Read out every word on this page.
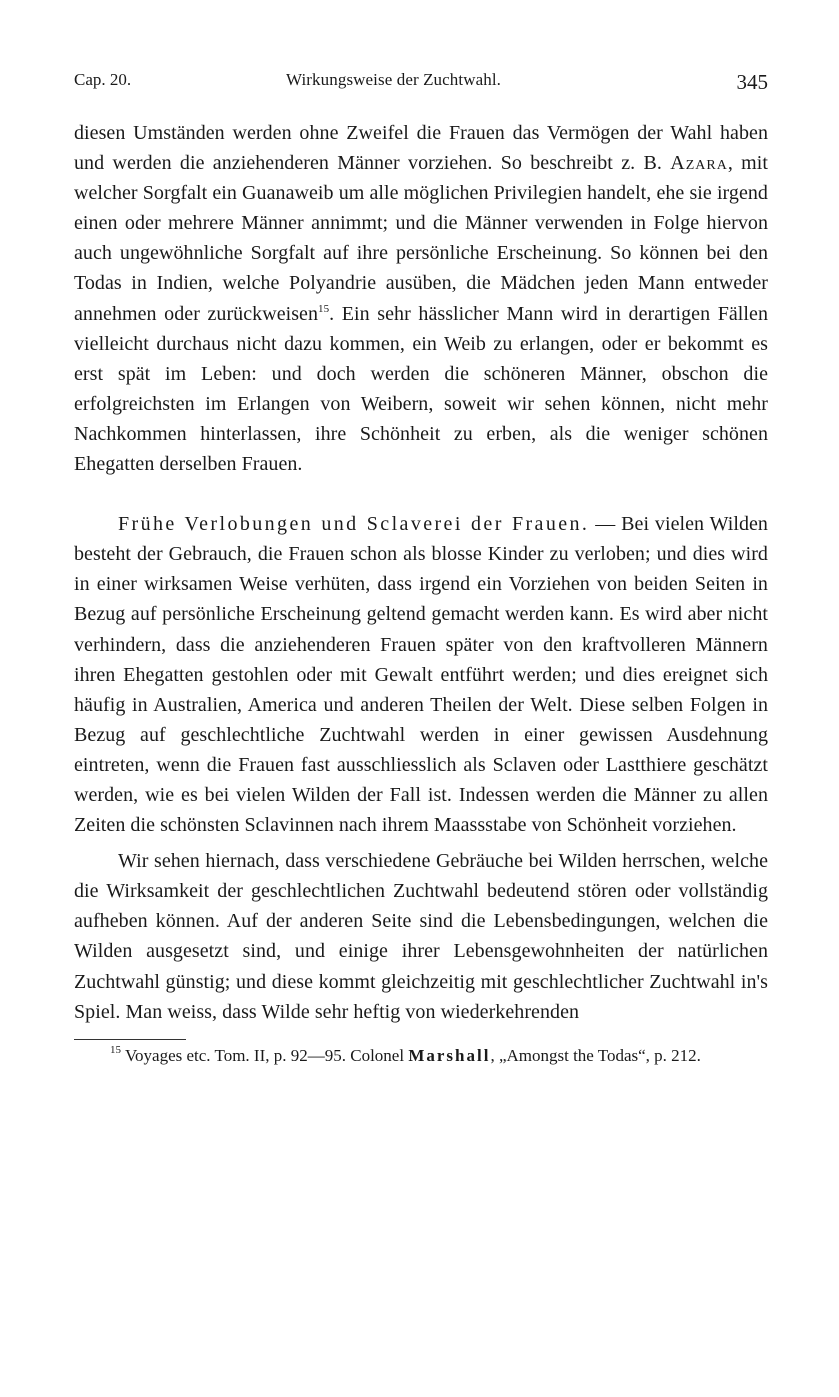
Cap. 20.	Wirkungsweise der Zuchtwahl.	345

diesen Umständen werden ohne Zweifel die Frauen das Vermögen der Wahl haben und werden die anziehenderen Männer vorziehen. So beschreibt z. B. Azara, mit welcher Sorgfalt ein Guanaweib um alle möglichen Privilegien handelt, ehe sie irgend einen oder mehrere Männer annimmt; und die Männer verwenden in Folge hiervon auch ungewöhnliche Sorgfalt auf ihre persönliche Erscheinung. So können bei den Todas in Indien, welche Polyandrie ausüben, die Mädchen jeden Mann entweder annehmen oder zurückweisen$^{15}$. Ein sehr hässlicher Mann wird in derartigen Fällen vielleicht durchaus nicht dazu kommen, ein Weib zu erlangen, oder er bekommt es erst spät im Leben: und doch werden die schöneren Männer, obschon die erfolgreichsten im Erlangen von Weibern, soweit wir sehen können, nicht mehr Nachkommen hinterlassen, ihre Schönheit zu erben, als die weniger schönen Ehegatten derselben Frauen.

Frühe Verlobungen und Sclaverei der Frauen. — Bei vielen Wilden besteht der Gebrauch, die Frauen schon als blosse Kinder zu verloben; und dies wird in einer wirksamen Weise verhüten, dass irgend ein Vorziehen von beiden Seiten in Bezug auf persönliche Erscheinung geltend gemacht werden kann. Es wird aber nicht verhindern, dass die anziehenderen Frauen später von den kraftvolleren Männern ihren Ehegatten gestohlen oder mit Gewalt entführt werden; und dies ereignet sich häufig in Australien, America und anderen Theilen der Welt. Diese selben Folgen in Bezug auf geschlechtliche Zuchtwahl werden in einer gewissen Ausdehnung eintreten, wenn die Frauen fast ausschliesslich als Sclaven oder Lastthiere geschätzt werden, wie es bei vielen Wilden der Fall ist. Indessen werden die Männer zu allen Zeiten die schönsten Sclavinnen nach ihrem Maassstabe von Schönheit vorziehen.

Wir sehen hiernach, dass verschiedene Gebräuche bei Wilden herrschen, welche die Wirksamkeit der geschlechtlichen Zuchtwahl bedeutend stören oder vollständig aufheben können. Auf der anderen Seite sind die Lebensbedingungen, welchen die Wilden ausgesetzt sind, und einige ihrer Lebensgewohnheiten der natürlichen Zuchtwahl günstig; und diese kommt gleichzeitig mit geschlechtlicher Zuchtwahl in's Spiel. Man weiss, dass Wilde sehr heftig von wiederkehrenden

$^{15}$ Voyages etc. Tom. II, p. 92—95. Colonel Marshall, „Amongst the Todas“, p. 212.
